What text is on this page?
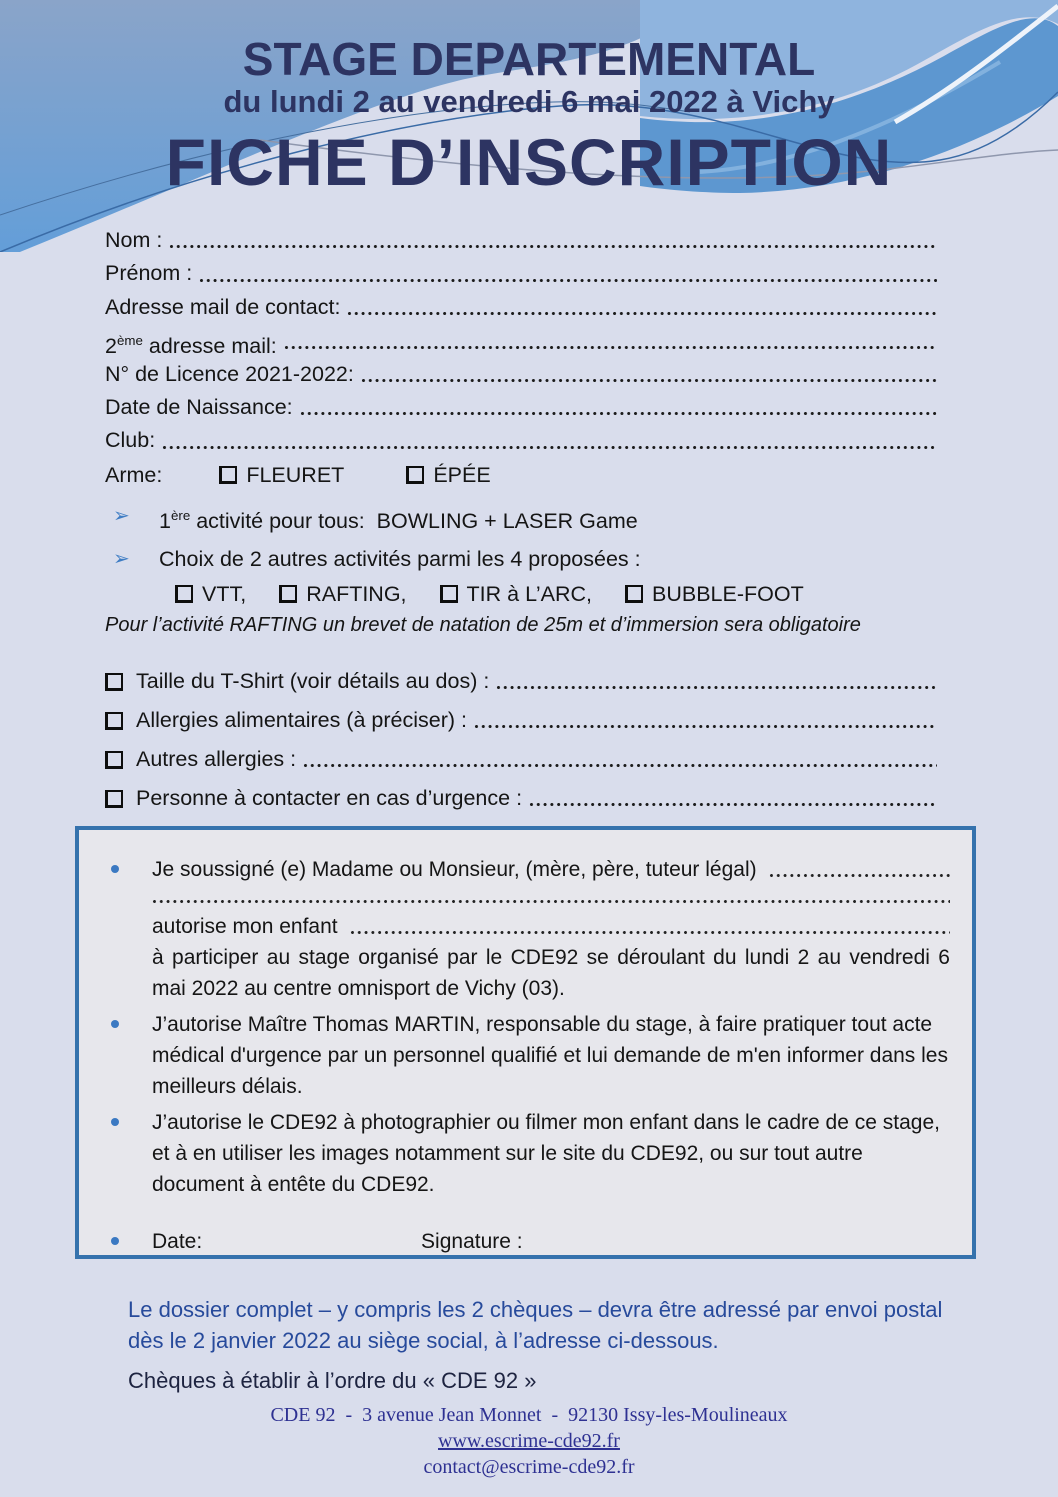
STAGE DEPARTEMENTAL
du lundi 2 au vendredi 6 mai 2022 à Vichy
FICHE D’INSCRIPTION
Nom :
Prénom :
Adresse mail de contact:
2ème adresse mail:
N° de Licence 2021-2022:
Date de Naissance:
Club:
Arme:	FLEURET	ÉPÉE
➢
1ère activité pour tous:  BOWLING + LASER Game
➢
Choix de 2 autres activités parmi les 4 proposées :
VTT,	RAFTING,	TIR à L’ARC,	BUBBLE-FOOT
Pour l’activité RAFTING un brevet de natation de 25m et d’immersion sera obligatoire
Taille du T-Shirt (voir détails au dos) :
Allergies alimentaires (à préciser) :
Autres allergies :
Personne à contacter en cas d’urgence :
Je soussigné (e) Madame ou Monsieur, (mère, père, tuteur légal)
autorise mon enfant
à participer au stage organisé par le CDE92 se déroulant du lundi 2 au vendredi 6 mai 2022 au centre omnisport de Vichy (03).
J’autorise Maître Thomas MARTIN, responsable du stage, à faire pratiquer tout acte médical d'urgence par un personnel qualifié et lui demande de m'en informer dans les meilleurs délais.
J’autorise le CDE92 à photographier ou filmer mon enfant dans le cadre de ce stage, et à en utiliser les images notamment sur le site du CDE92, ou sur tout autre document à entête du CDE92.
Date:	Signature :

Le dossier complet – y compris les 2 chèques – devra être adressé par envoi postal dès le 2 janvier 2022 au siège social, à l’adresse ci-dessous.

Chèques à établir à l’ordre du « CDE 92 »

CDE 92  -  3 avenue Jean Monnet  -  92130 Issy-les-Moulineaux
www.escrime-cde92.fr
contact@escrime-cde92.fr
